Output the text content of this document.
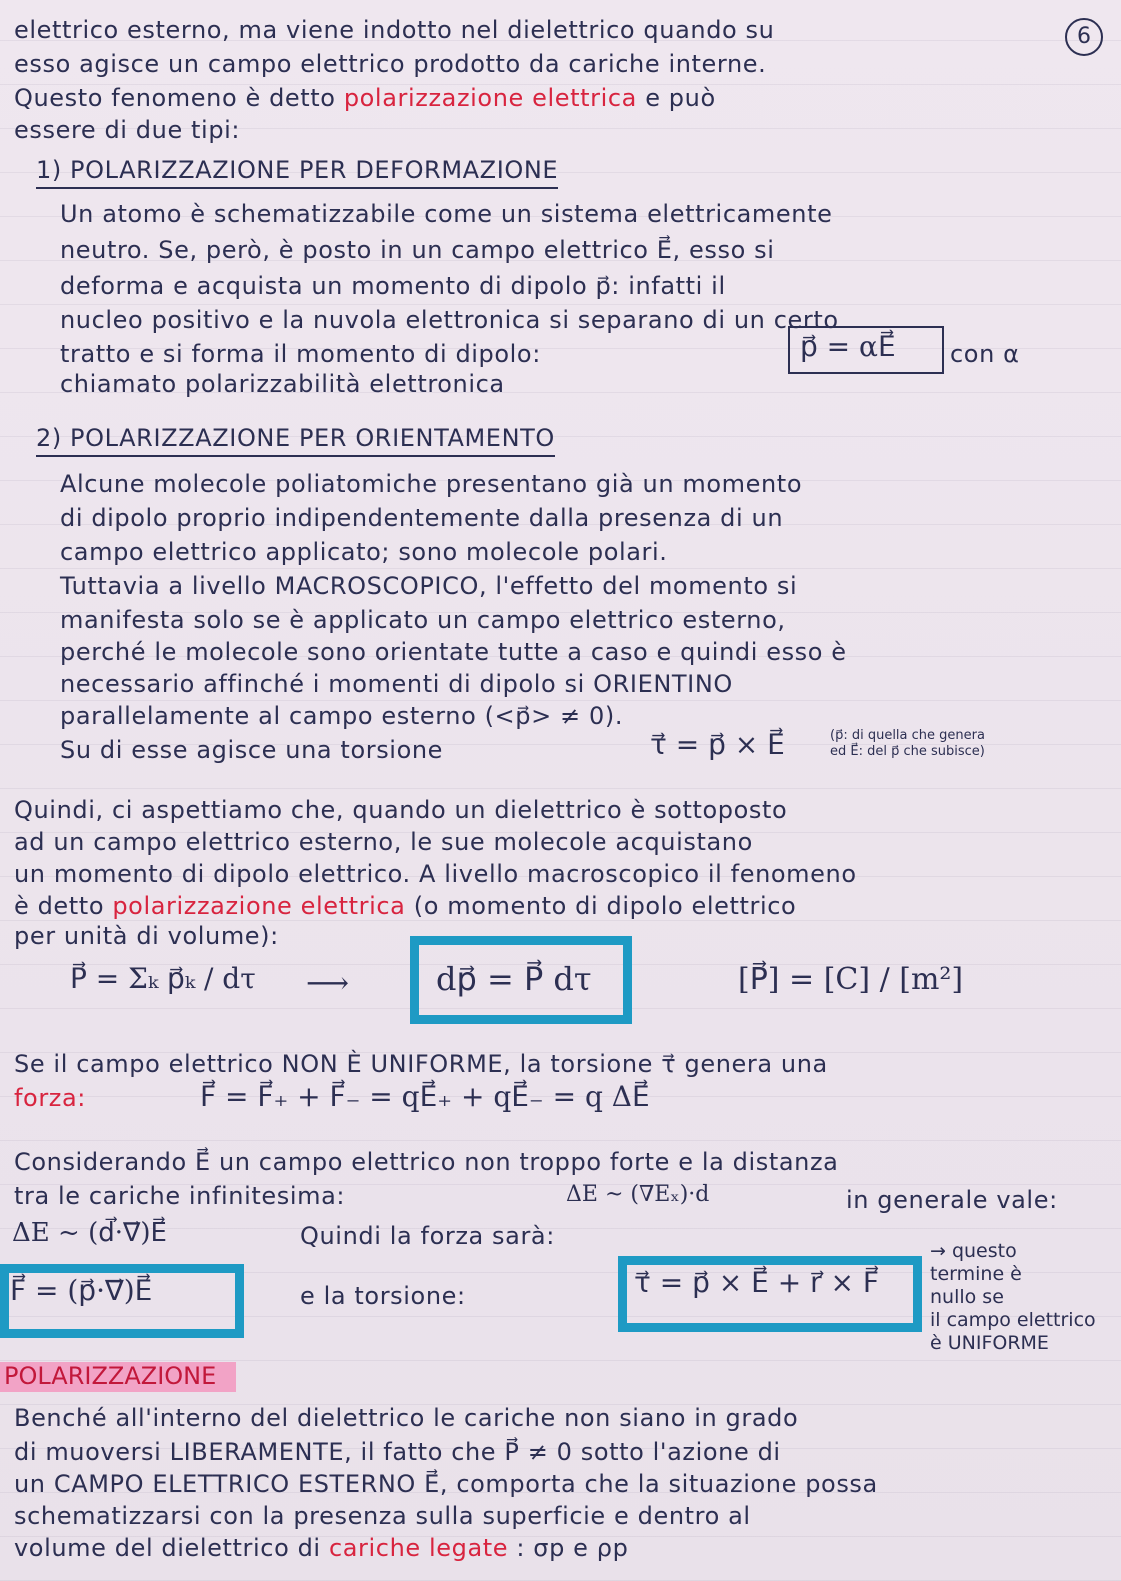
6
elettrico esterno, ma viene indotto nel dielettrico quando su
esso agisce un campo elettrico prodotto da cariche interne.
Questo fenomeno è detto polarizzazione elettrica e può
essere di due tipi:
1) POLARIZZAZIONE PER DEFORMAZIONE
Un atomo è schematizzabile come un sistema elettricamente
neutro. Se, però, è posto in un campo elettrico E⃗, esso si
deforma e acquista un momento di dipolo p⃗: infatti il
nucleo positivo e la nuvola elettronica si separano di un certo
tratto e si forma il momento di dipolo:	p⃗ = αE⃗ con α
chiamato polarizzabilità elettronica
2) POLARIZZAZIONE PER ORIENTAMENTO
Alcune molecole poliatomiche presentano già un momento
di dipolo proprio indipendentemente dalla presenza di un
campo elettrico applicato; sono molecole polari.
Tuttavia a livello MACROSCOPICO, l'effetto del momento si
manifesta solo se è applicato un campo elettrico esterno,
perché le molecole sono orientate tutte a caso e quindi esso è
necessario affinché i momenti di dipolo si ORIENTINO
parallelamente al campo esterno (<p⃗> ≠ 0).
Su di esse agisce una torsione	τ⃗ = p⃗ × E⃗	(p⃗: di quella che genera
ed E⃗: del p⃗ che subisce)
Quindi, ci aspettiamo che, quando un dielettrico è sottoposto
ad un campo elettrico esterno, le sue molecole acquistano
un momento di dipolo elettrico. A livello macroscopico il fenomeno
è detto polarizzazione elettrica (o momento di dipolo elettrico
per unità di volume):
P⃗ = Σₖ p⃗ₖ / dτ ⟶	dp⃗ = P⃗ dτ	[P⃗] = [C] / [m²]
Se il campo elettrico NON È UNIFORME, la torsione τ⃗ genera una
forza:	F⃗ = F⃗₊ + F⃗₋ = qE⃗₊ + qE⃗₋ = q ΔE⃗
Considerando E⃗ un campo elettrico non troppo forte e la distanza
tra le cariche infinitesima:	ΔE ~ (∇Eₓ)·d	in generale vale:
ΔE ~ (d⃗·∇⃗)E⃗	Quindi la forza sarà:
F⃗ = (p⃗·∇⃗)E⃗	e la torsione:	τ⃗ = p⃗ × E⃗ + r⃗ × F⃗
→ questo
termine è
nullo se
il campo elettrico
è UNIFORME
POLARIZZAZIONE
Benché all'interno del dielettrico le cariche non siano in grado
di muoversi LIBERAMENTE, il fatto che P⃗ ≠ 0 sotto l'azione di
un CAMPO ELETTRICO ESTERNO E⃗, comporta che la situazione possa
schematizzarsi con la presenza sulla superficie e dentro al
volume del dielettrico di cariche legate : σp e ρp
